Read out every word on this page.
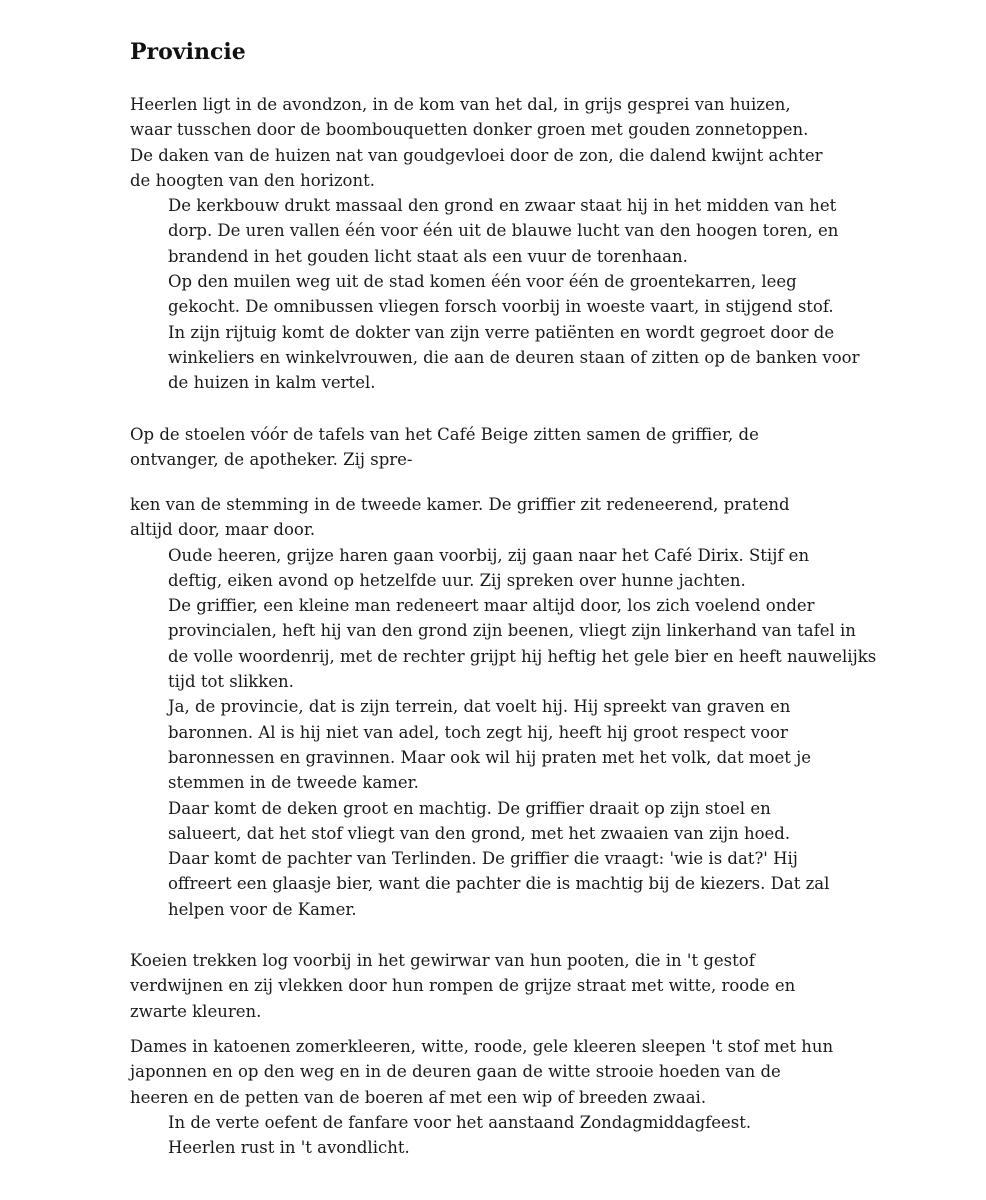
Provincie

Heerlen ligt in de avondzon, in de kom van het dal, in grijs gesprei van huizen,
waar tusschen door de boombouquetten donker groen met gouden zonnetoppen.
De daken van de huizen nat van goudgevloei door de zon, die dalend kwijnt achter
de hoogten van den horizont.

De kerkbouw drukt massaal den grond en zwaar staat hij in het midden van het
dorp. De uren vallen één voor één uit de blauwe lucht van den hoogen toren, en
brandend in het gouden licht staat als een vuur de torenhaan.

Op den muilen weg uit de stad komen één voor één de groentekarren, leeg
gekocht. De omnibussen vliegen forsch voorbij in woeste vaart, in stijgend stof.

In zijn rijtuig komt de dokter van zijn verre patiënten en wordt gegroet door de
winkeliers en winkelvrouwen, die aan de deuren staan of zitten op de banken voor
de huizen in kalm vertel.

Op de stoelen vóór de tafels van het Café Beige zitten samen de griffier, de
ontvanger, de apotheker. Zij spre-

ken van de stemming in de tweede kamer. De griffier zit redeneerend, pratend
altijd door, maar door.

Oude heeren, grijze haren gaan voorbij, zij gaan naar het Café Dirix. Stijf en
deftig, eiken avond op hetzelfde uur. Zij spreken over hunne jachten.

De griffier, een kleine man redeneert maar altijd door, los zich voelend onder
provincialen, heft hij van den grond zijn beenen, vliegt zijn linkerhand van tafel in
de volle woordenrij, met de rechter grijpt hij heftig het gele bier en heeft nauwelijks
tijd tot slikken.

Ja, de provincie, dat is zijn terrein, dat voelt hij. Hij spreekt van graven en
baronnen. Al is hij niet van adel, toch zegt hij, heeft hij groot respect voor
baronnessen en gravinnen. Maar ook wil hij praten met het volk, dat moet je
stemmen in de tweede kamer.

Daar komt de deken groot en machtig. De griffier draait op zijn stoel en
salueert, dat het stof vliegt van den grond, met het zwaaien van zijn hoed.

Daar komt de pachter van Terlinden. De griffier die vraagt: 'wie is dat?' Hij
offreert een glaasje bier, want die pachter die is machtig bij de kiezers. Dat zal
helpen voor de Kamer.

Koeien trekken log voorbij in het gewirwar van hun pooten, die in 't gestof
verdwijnen en zij vlekken door hun rompen de grijze straat met witte, roode en
zwarte kleuren.

Dames in katoenen zomerkleeren, witte, roode, gele kleeren sleepen 't stof met hun
japonnen en op den weg en in de deuren gaan de witte strooie hoeden van de
heeren en de petten van de boeren af met een wip of breeden zwaai.

In de verte oefent de fanfare voor het aanstaand Zondagmiddagfeest.

Heerlen rust in 't avondlicht.
